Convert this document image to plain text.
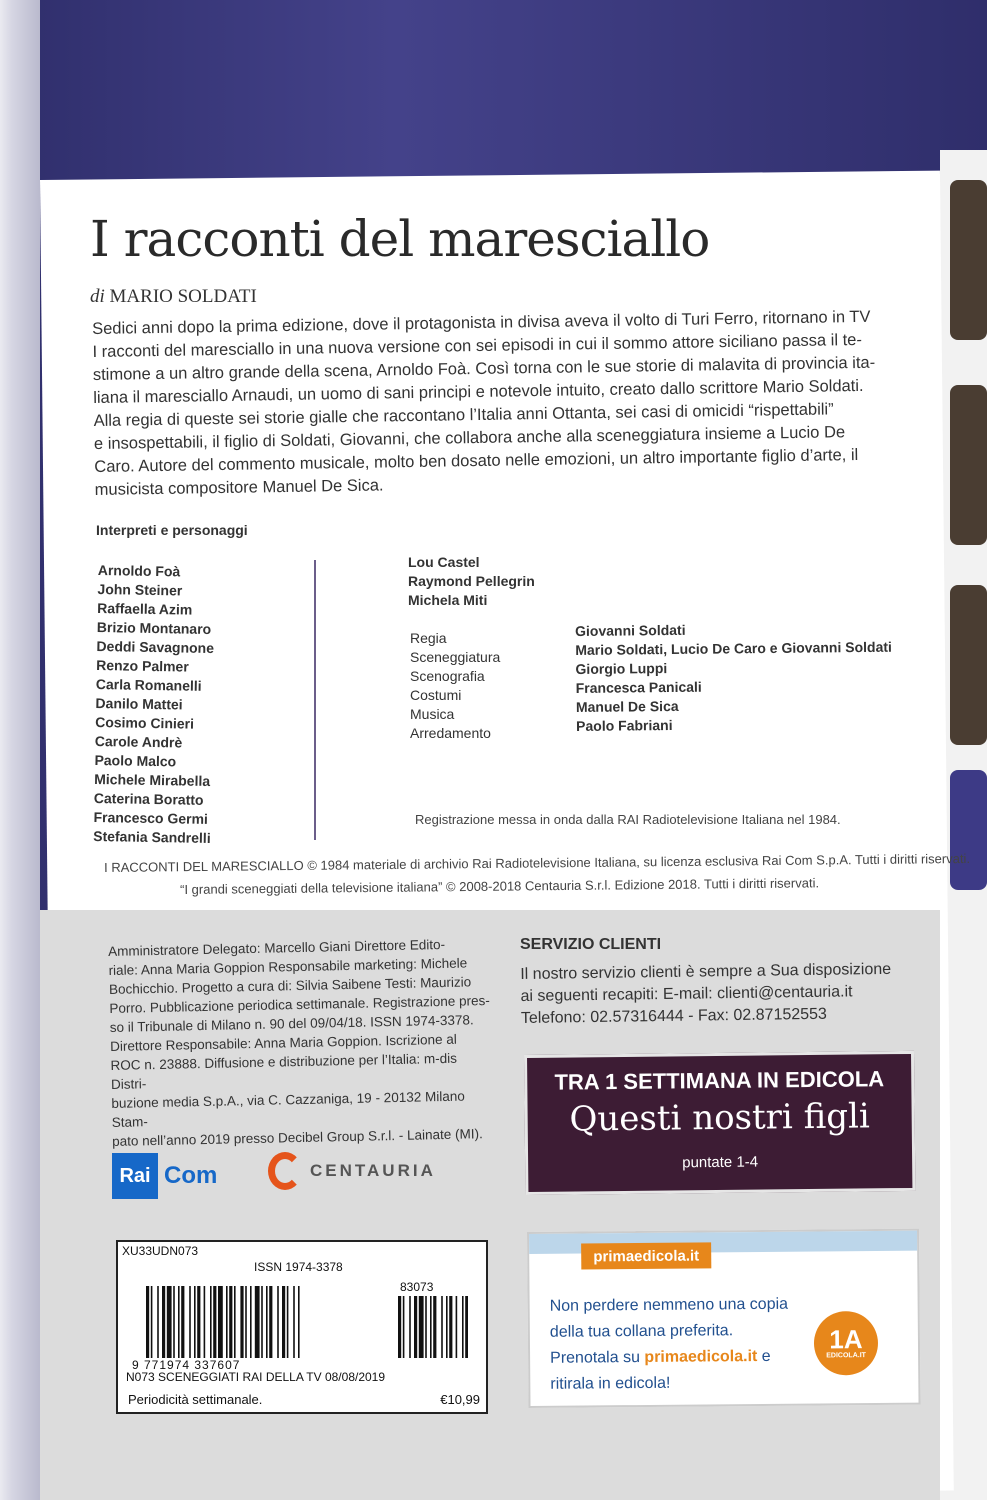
I racconti del maresciallo
di MARIO SOLDATI
Sedici anni dopo la prima edizione, dove il protagonista in divisa aveva il volto di Turi Ferro, ritornano in TV
I racconti del maresciallo in una nuova versione con sei episodi in cui il sommo attore siciliano passa il te-
stimone a un altro grande della scena, Arnoldo Foà. Così torna con le sue storie di malavita di provincia ita-
liana il maresciallo Arnaudi, un uomo di sani principi e notevole intuito, creato dallo scrittore Mario Soldati.
Alla regia di queste sei storie gialle che raccontano l’Italia anni Ottanta, sei casi di omicidi “rispettabili”
e insospettabili, il figlio di Soldati, Giovanni, che collabora anche alla sceneggiatura insieme a Lucio De
Caro. Autore del commento musicale, molto ben dosato nelle emozioni, un altro importante figlio d’arte, il
musicista compositore Manuel De Sica.
Interpreti e personaggi
Arnoldo Foà
John Steiner
Raffaella Azim
Brizio Montanaro
Deddi Savagnone
Renzo Palmer
Carla Romanelli
Danilo Mattei
Cosimo Cinieri
Carole Andrè
Paolo Malco
Michele Mirabella
Caterina Boratto
Francesco Germi
Stefania Sandrelli
Lou Castel
Raymond Pellegrin
Michela Miti
Regia
Sceneggiatura
Scenografia
Costumi
Musica
Arredamento
Giovanni Soldati
Mario Soldati, Lucio De Caro e Giovanni Soldati
Giorgio Luppi
Francesca Panicali
Manuel De Sica
Paolo Fabriani
Registrazione messa in onda dalla RAI Radiotelevisione Italiana nel 1984.
I RACCONTI DEL MARESCIALLO © 1984 materiale di archivio Rai Radiotelevisione Italiana, su licenza esclusiva Rai Com S.p.A. Tutti i diritti riservati.
“I grandi sceneggiati della televisione italiana” © 2008-2018 Centauria S.r.l. Edizione 2018. Tutti i diritti riservati.
Amministratore Delegato: Marcello Giani Direttore Edito-
riale: Anna Maria Goppion Responsabile marketing: Michele
Bochicchio. Progetto a cura di: Silvia Saibene Testi: Maurizio
Porro. Pubblicazione periodica settimanale. Registrazione pres-
so il Tribunale di Milano n. 90 del 09/04/18. ISSN 1974-3378.
Direttore Responsabile: Anna Maria Goppion. Iscrizione al
ROC n. 23888. Diffusione e distribuzione per l’Italia: m-dis Distri-
buzione media S.p.A., via C. Cazzaniga, 19 - 20132 Milano Stam-
pato nell’anno 2019 presso Decibel Group S.r.l. - Lainate (MI).
SERVIZIO CLIENTI
Il nostro servizio clienti è sempre a Sua disposizione
ai seguenti recapiti: E-mail: clienti@centauria.it
Telefono: 02.57316444 - Fax: 02.87152553
TRA 1 SETTIMANA IN EDICOLA
Questi nostri figli
puntate 1-4
Rai Com	CENTAURIA
XU33UDN073
ISSN 1974-3378
83073
9 771974 337607
N073 SCENEGGIATI RAI DELLA TV 08/08/2019
Periodicità settimanale.	€10,99
primaedicola.it
Non perdere nemmeno una copia
della tua collana preferita.
Prenotala su primaedicola.it e
ritirala in edicola!
1A
EDICOLA.IT
